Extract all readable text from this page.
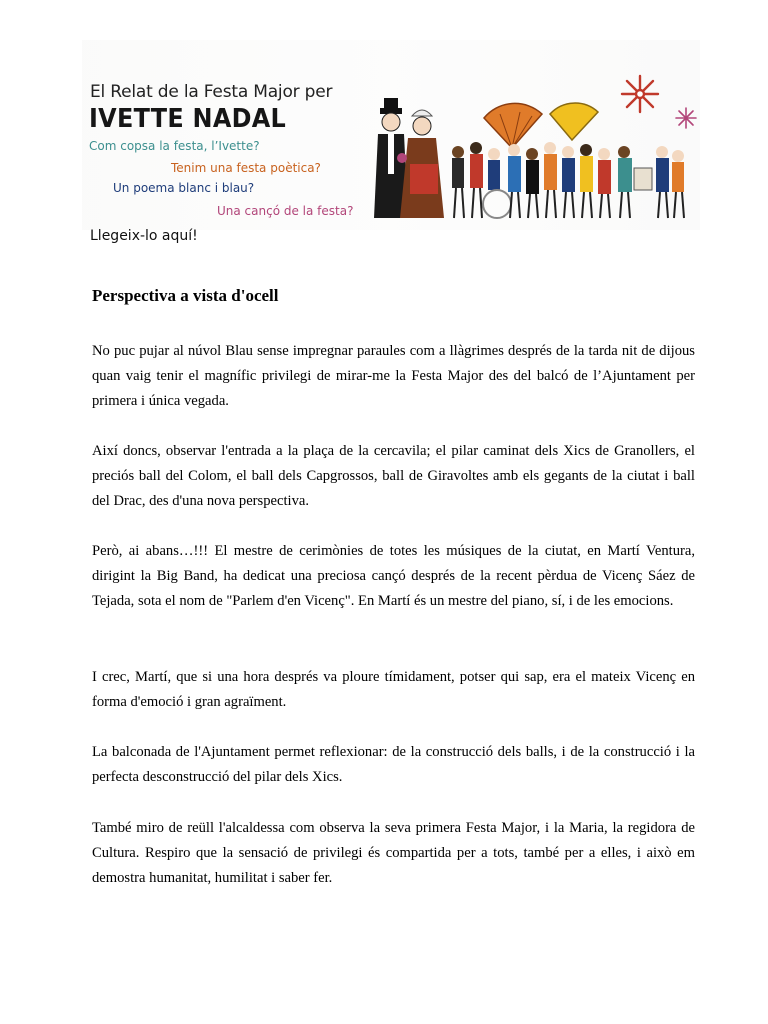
El Relat de la Festa Major per
IVETTE NADAL
Com copsa la festa, l’Ivette?
Tenim una festa poètica?
Un poema blanc i blau?
Una cançó de la festa?
Llegeix-lo aquí!
Perspectiva a vista d'ocell

No puc pujar al núvol Blau sense impregnar paraules com a llàgrimes després de la tarda nit de dijous quan vaig tenir el magnífic privilegi de mirar-me la Festa Major des del balcó de l’Ajuntament per primera i única vegada.

Així doncs, observar l'entrada a la plaça de la cercavila; el pilar caminat dels Xics de Granollers, el preciós ball del Colom, el ball dels Capgrossos, ball de Giravoltes amb els gegants de la ciutat i ball del Drac, des d'una nova perspectiva.

Però, ai abans…!!! El mestre de cerimònies de totes les músiques de la ciutat, en Martí Ventura, dirigint la Big Band, ha dedicat una preciosa cançó després de la recent pèrdua de Vicenç Sáez de Tejada, sota el nom de "Parlem d'en Vicenç". En Martí és un mestre del piano, sí, i de les emocions.

I crec, Martí, que si una hora després va ploure tímidament, potser qui sap, era el mateix Vicenç en forma d'emoció i gran agraïment.

La balconada de l'Ajuntament permet reflexionar: de la construcció dels balls, i de la construcció i la perfecta desconstrucció del pilar dels Xics.

També miro de reüll l'alcaldessa com observa la seva primera Festa Major, i la Maria, la regidora de Cultura. Respiro que la sensació de privilegi és compartida per a tots, també per a elles, i això em demostra humanitat, humilitat i saber fer.
